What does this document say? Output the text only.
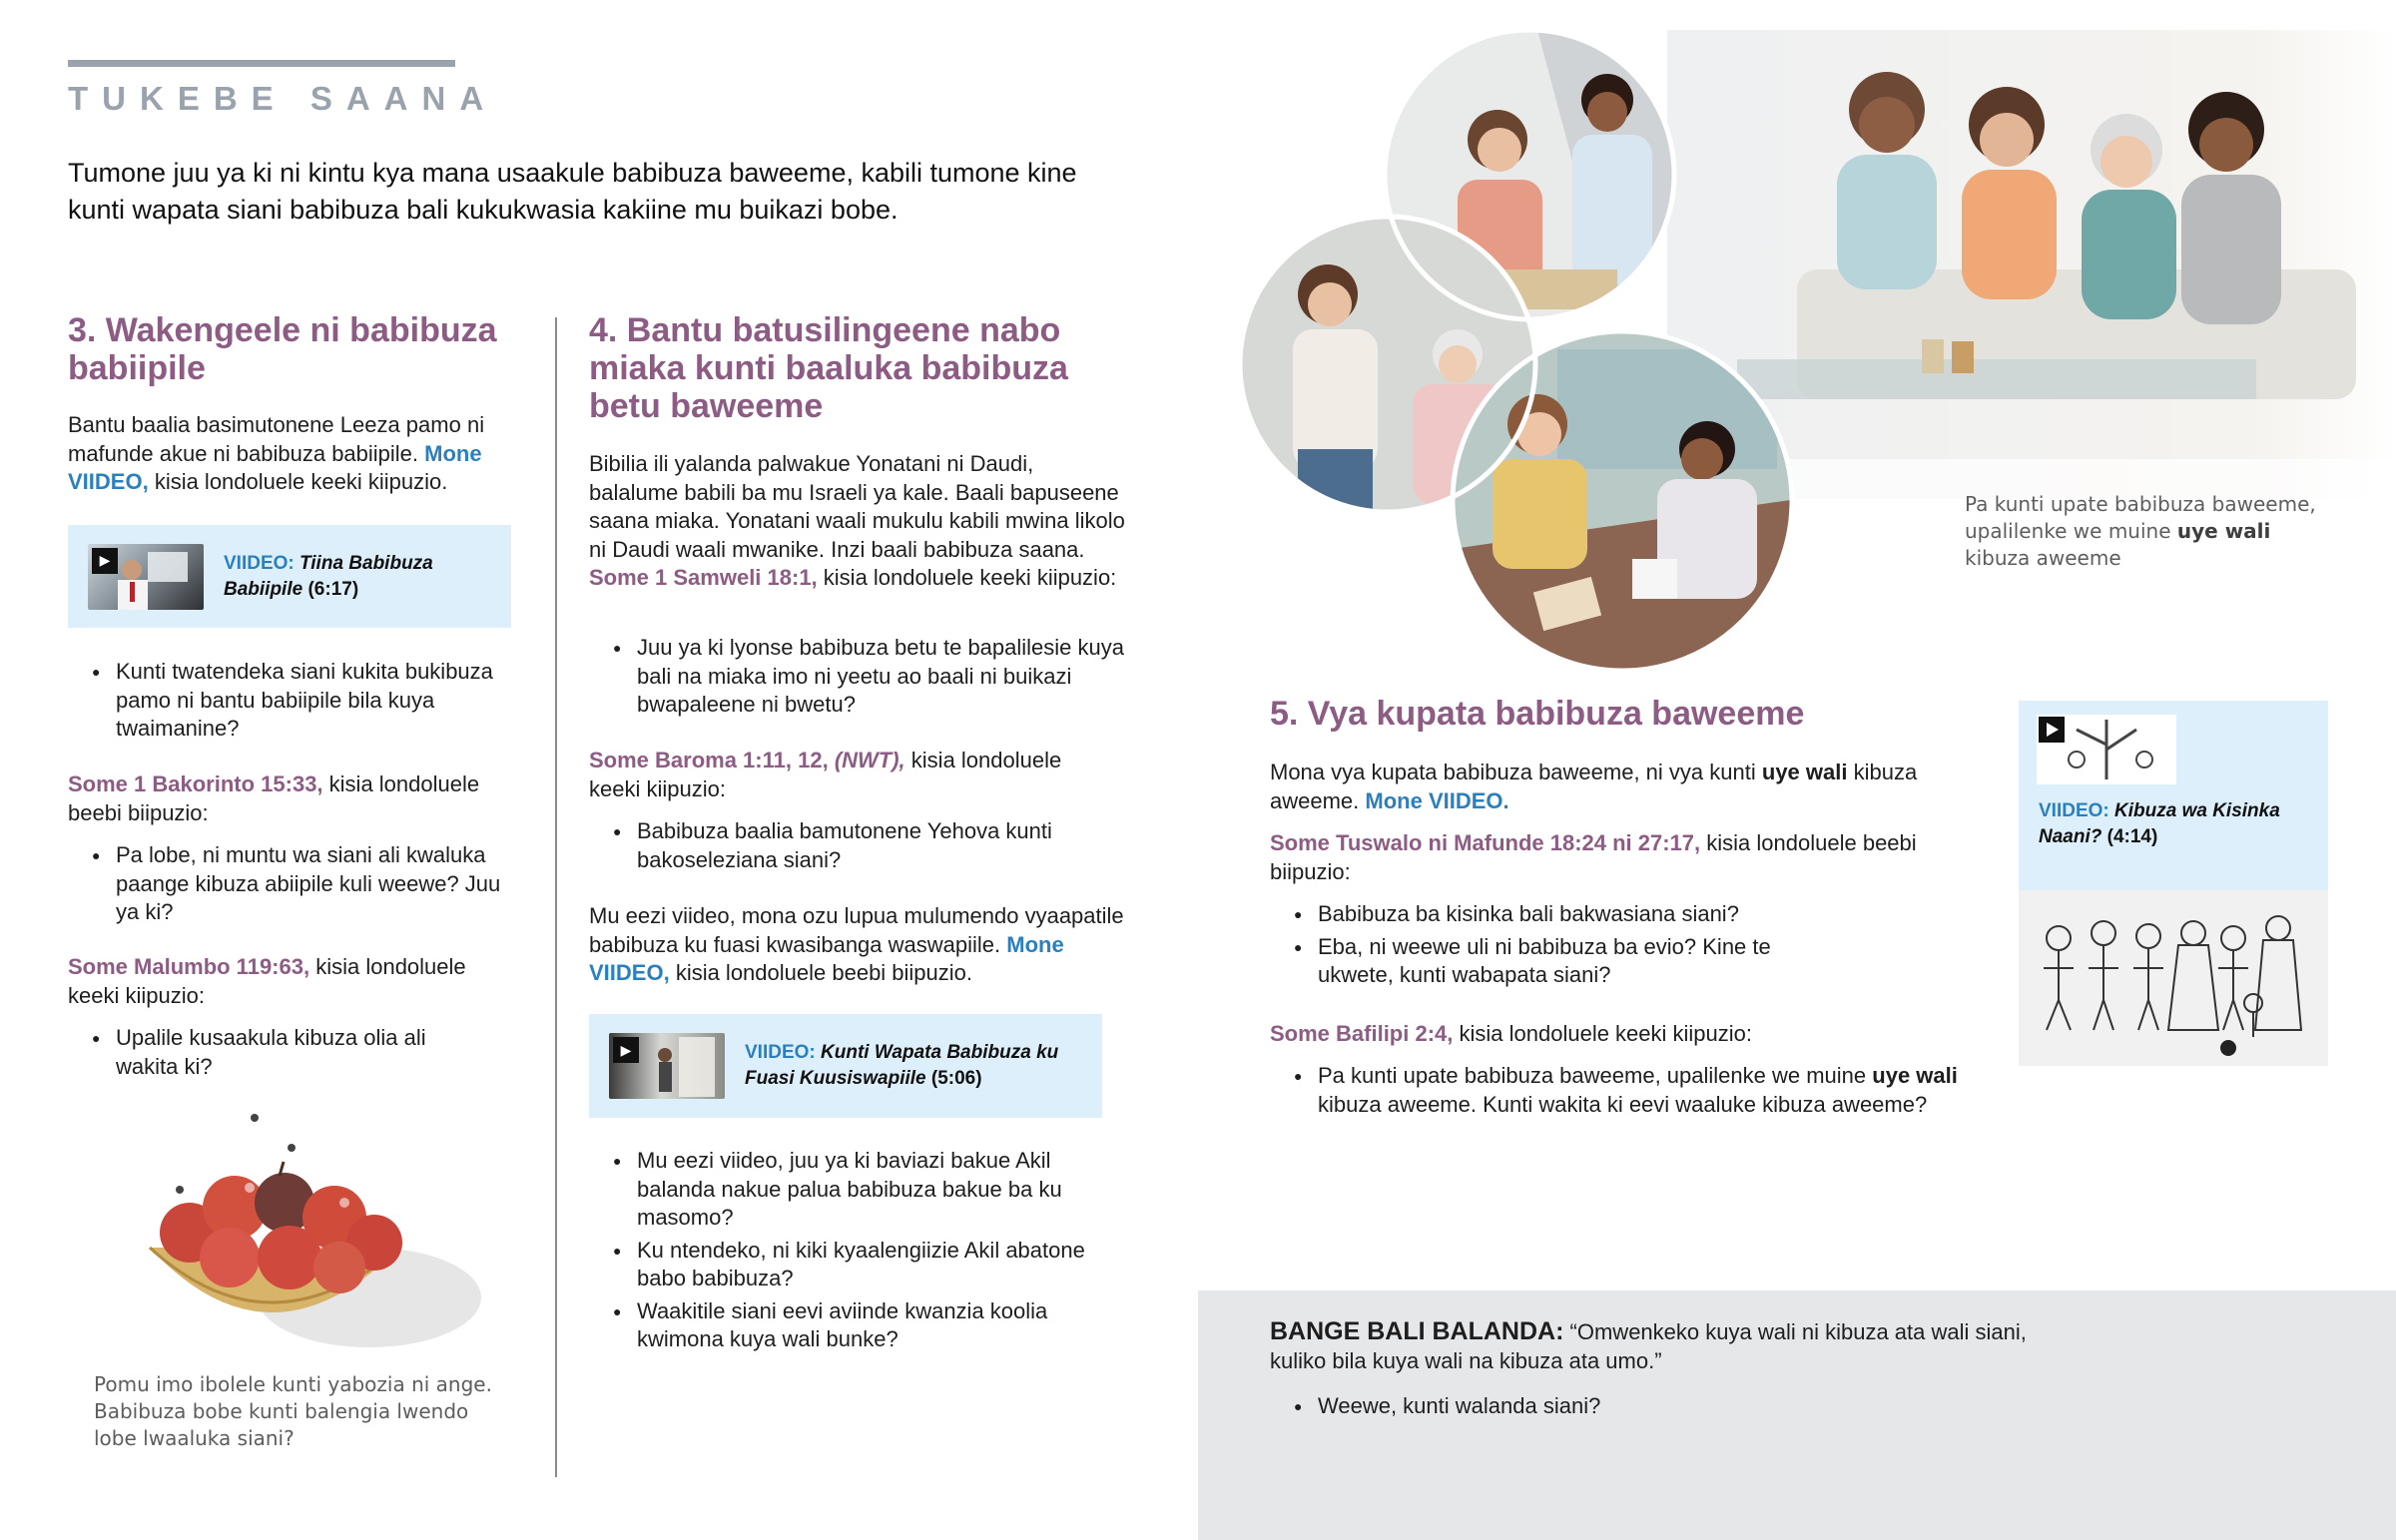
TUKEBE SAANA
Tumone juu ya ki ni kintu kya mana usaakule babibuza baweeme, kabili tumone kine kunti wapata siani babibuza bali kukukwasia kakiine mu buikazi bobe.
3. Wakengeele ni babibuza babiipile
Bantu baalia basimutonene Leeza pamo ni mafunde akue ni babibuza babiipile. Mone VIIDEO, kisia londoluele keeki kiipuzio.
▶	VIIDEO: Tiina Babibuza Babiipile (6:17)
● Kunti twatendeka siani kukita bukibuza pamo ni bantu babiipile bila kuya twaimanine?
Some 1 Bakorinto 15:33, kisia londoluele beebi biipuzio:
● Pa lobe, ni muntu wa siani ali kwaluka paange kibuza abiipile kuli weewe? Juu ya ki?
Some Malumbo 119:63, kisia londoluele keeki kiipuzio:
● Upalile kusaakula kibuza olia ali wakita ki?
Pomu imo ibolele kunti yabozia ni ange. Babibuza bobe kunti balengia lwendo lobe lwaaluka siani?
4. Bantu batusilingeene nabo miaka kunti baaluka babibuza betu baweeme
Bibilia ili yalanda palwakue Yonatani ni Daudi, balalume babili ba mu Israeli ya kale. Baali bapuseene saana miaka. Yonatani waali mukulu kabili mwina likolo ni Daudi waali mwanike. Inzi baali babibuza saana. Some 1 Samweli 18:1, kisia londoluele keeki kiipuzio:
● Juu ya ki lyonse babibuza betu te bapalilesie kuya bali na miaka imo ni yeetu ao baali ni buikazi bwapaleene ni bwetu?
Some Baroma 1:11, 12, (NWT), kisia londoluele keeki kiipuzio:
● Babibuza baalia bamutonene Yehova kunti bakoseleziana siani?
Mu eezi viideo, mona ozu lupua mulumendo vyaapatile babibuza ku fuasi kwasibanga waswapiile. Mone VIIDEO, kisia londoluele beebi biipuzio.
▶	VIIDEO: Kunti Wapata Babibuza ku Fuasi Kuusiswapiile (5:06)
● Mu eezi viideo, juu ya ki baviazi bakue Akil balanda nakue palua babibuza bakue ba ku masomo?
● Ku ntendeko, ni kiki kyaalengiizie Akil abatone babo babibuza?
● Waakitile siani eevi aviinde kwanzia koolia kwimona kuya wali bunke?
Pa kunti upate babibuza baweeme, upalilenke we muine uye wali kibuza aweeme
5. Vya kupata babibuza baweeme
Mona vya kupata babibuza baweeme, ni vya kunti uye wali kibuza aweeme. Mone VIIDEO.
Some Tuswalo ni Mafunde 18:24 ni 27:17, kisia londoluele beebi biipuzio:
● Babibuza ba kisinka bali bakwasiana siani?
● Eba, ni weewe uli ni babibuza ba evio? Kine te ukwete, kunti wabapata siani?
Some Bafilipi 2:4, kisia londoluele keeki kiipuzio:
● Pa kunti upate babibuza baweeme, upalilenke we muine uye wali kibuza aweeme. Kunti wakita ki eevi waaluke kibuza aweeme?
VIIDEO: Kibuza wa Kisinka Naani? (4:14)
BANGE BALI BALANDA: “Omwenkeko kuya wali ni kibuza ata wali siani, kuliko bila kuya wali na kibuza ata umo.”
● Weewe, kunti walanda siani?
